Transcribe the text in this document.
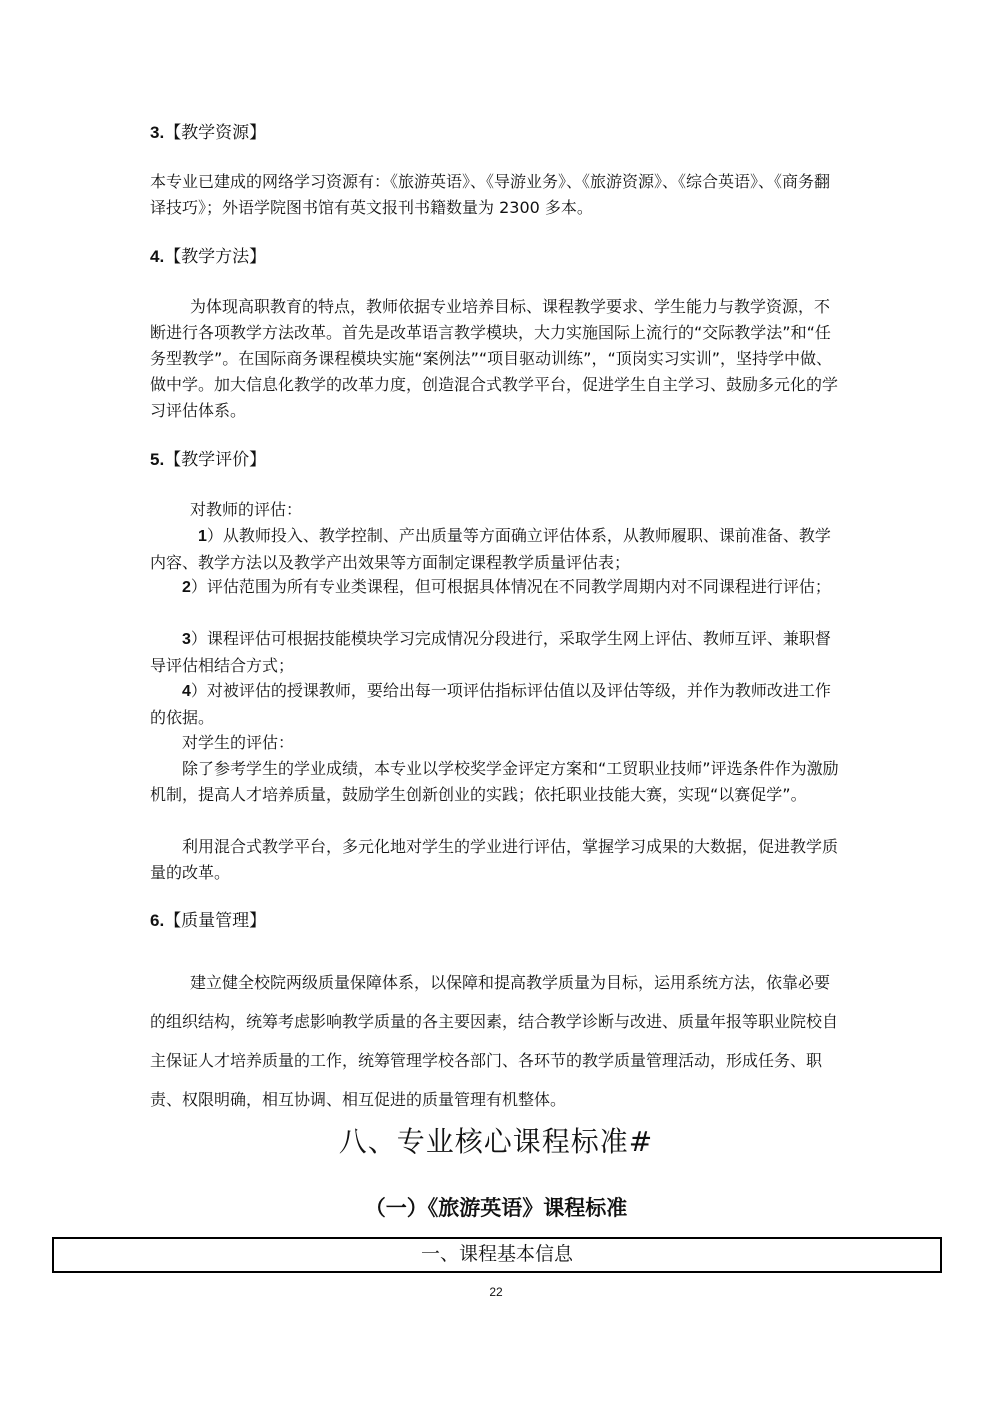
3.【教学资源】
本专业已建成的网络学习资源有：《旅游英语》、《导游业务》、《旅游资源》、《综合英语》、《商务翻译技巧》；外语学院图书馆有英文报刊书籍数量为 2300 多本。
4.【教学方法】
为体现高职教育的特点，教师依据专业培养目标、课程教学要求、学生能力与教学资源，不断进行各项教学方法改革。首先是改革语言教学模块，大力实施国际上流行的“交际教学法”和“任务型教学”。在国际商务课程模块实施“案例法”“项目驱动训练”，“顶岗实习实训”，坚持学中做、做中学。加大信息化教学的改革力度，创造混合式教学平台，促进学生自主学习、鼓励多元化的学习评估体系。
5.【教学评价】
对教师的评估：
1）从教师投入、教学控制、产出质量等方面确立评估体系，从教师履职、课前准备、教学内容、教学方法以及教学产出效果等方面制定课程教学质量评估表；
2）评估范围为所有专业类课程，但可根据具体情况在不同教学周期内对不同课程进行评估；
3）课程评估可根据技能模块学习完成情况分段进行，采取学生网上评估、教师互评、兼职督导评估相结合方式；
4）对被评估的授课教师，要给出每一项评估指标评估值以及评估等级，并作为教师改进工作的依据。
对学生的评估：
除了参考学生的学业成绩，本专业以学校奖学金评定方案和“工贸职业技师”评选条件作为激励机制，提高人才培养质量，鼓励学生创新创业的实践；依托职业技能大赛，实现“以赛促学”。
利用混合式教学平台，多元化地对学生的学业进行评估，掌握学习成果的大数据，促进教学质量的改革。
6.【质量管理】
建立健全校院两级质量保障体系，以保障和提高教学质量为目标，运用系统方法，依靠必要的组织结构，统筹考虑影响教学质量的各主要因素，结合教学诊断与改进、质量年报等职业院校自主保证人才培养质量的工作，统筹管理学校各部门、各环节的教学质量管理活动，形成任务、职责、权限明确，相互协调、相互促进的质量管理有机整体。
八、专业核心课程标准#
（一）《旅游英语》课程标准
一、课程基本信息
22
